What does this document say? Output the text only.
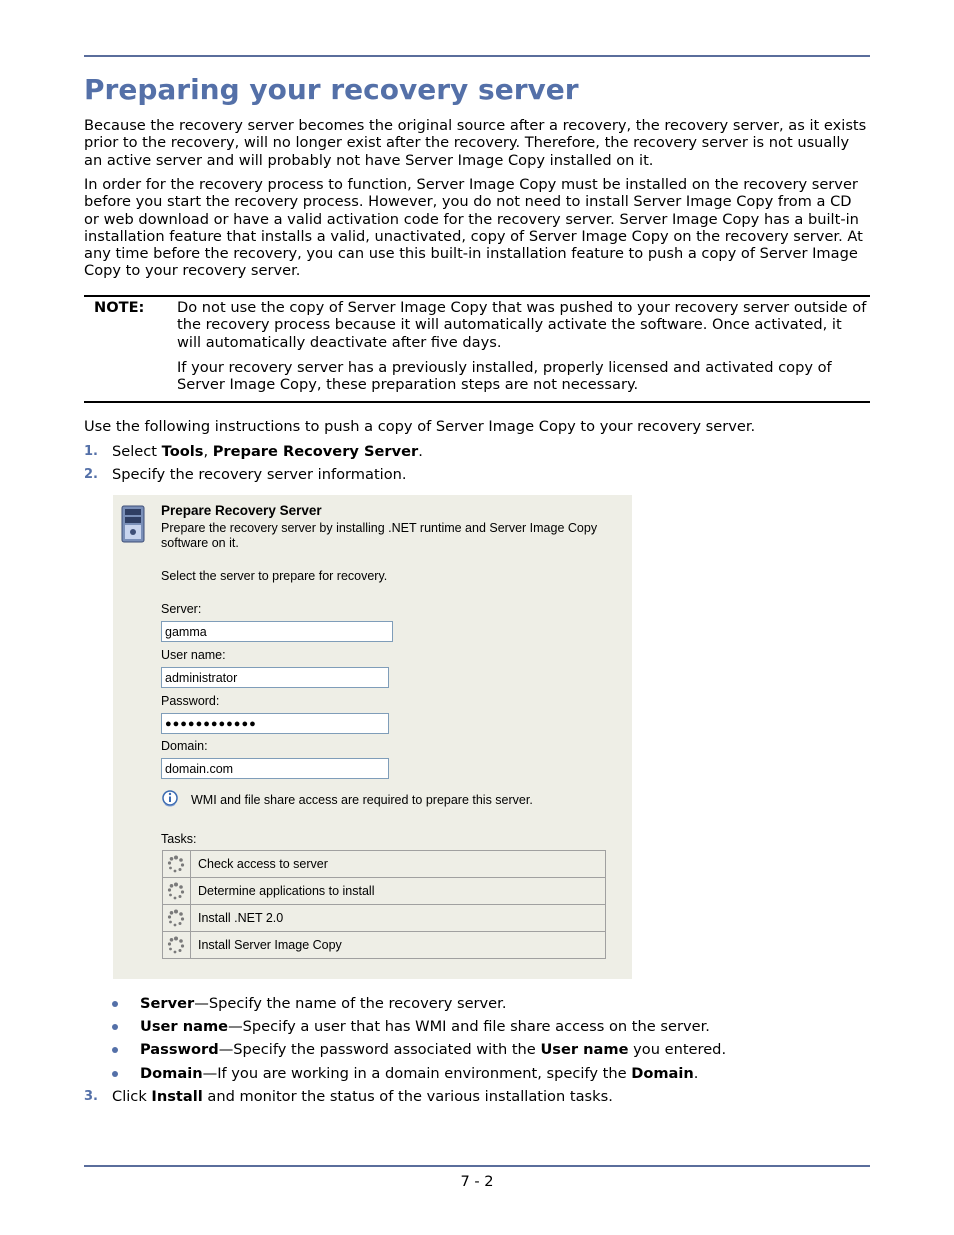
Preparing your recovery server

Because the recovery server becomes the original source after a recovery, the recovery server, as it exists prior to the recovery, will no longer exist after the recovery. Therefore, the recovery server is not usually an active server and will probably not have Server Image Copy installed on it.

In order for the recovery process to function, Server Image Copy must be installed on the recovery server before you start the recovery process. However, you do not need to install Server Image Copy from a CD or web download or have a valid activation code for the recovery server. Server Image Copy has a built-in installation feature that installs a valid, unactivated, copy of Server Image Copy on the recovery server. At any time before the recovery, you can use this built-in installation feature to push a copy of Server Image Copy to your recovery server.

NOTE: Do not use the copy of Server Image Copy that was pushed to your recovery server outside of the recovery process because it will automatically activate the software. Once activated, it will automatically deactivate after five days.

If your recovery server has a previously installed, properly licensed and activated copy of Server Image Copy, these preparation steps are not necessary.

Use the following instructions to push a copy of Server Image Copy to your recovery server.

1. Select Tools, Prepare Recovery Server.
2. Specify the recovery server information.
Prepare Recovery Server
Prepare the recovery server by installing .NET runtime and Server Image Copy software on it.
Select the server to prepare for recovery.
Server:
gamma
User name:
administrator
Password:
●●●●●●●●●●●●
Domain:
domain.com
WMI and file share access are required to prepare this server.
Tasks:
Check access to server
Determine applications to install
Install .NET 2.0
Install Server Image Copy
Server—Specify the name of the recovery server.
User name—Specify a user that has WMI and file share access on the server.
Password—Specify the password associated with the User name you entered.
Domain—If you are working in a domain environment, specify the Domain.
3. Click Install and monitor the status of the various installation tasks.
7 - 2
